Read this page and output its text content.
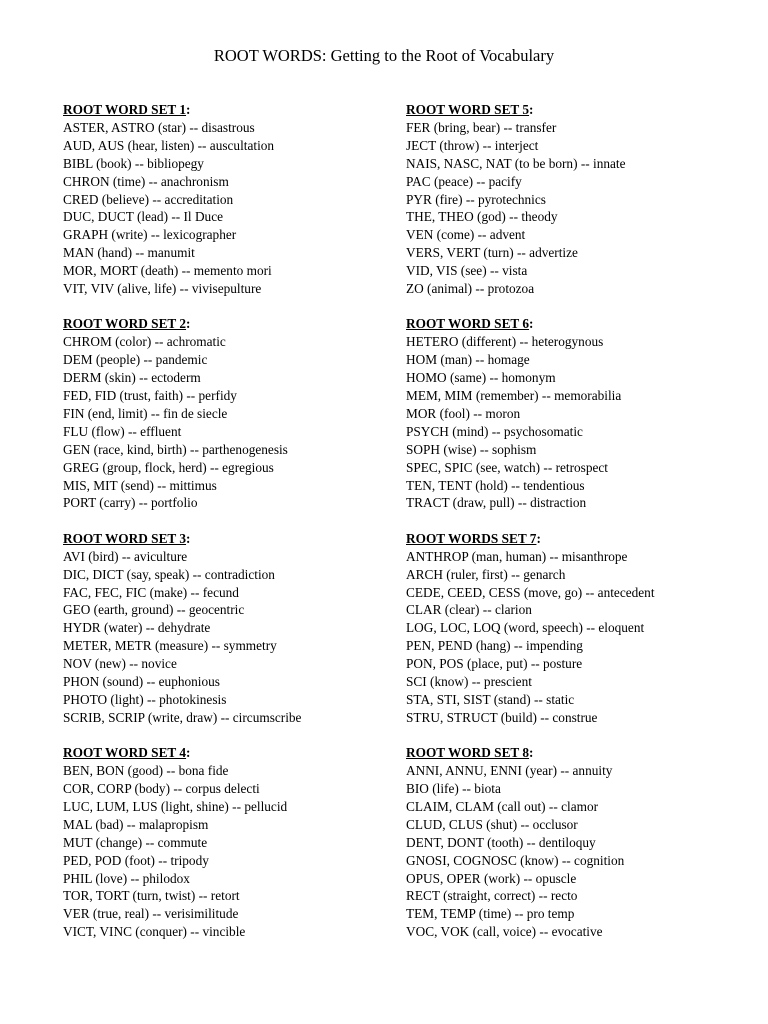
ROOT WORDS: Getting to the Root of Vocabulary
ROOT WORD SET 1:
ASTER, ASTRO (star) -- disastrous
AUD, AUS (hear, listen) -- auscultation
BIBL (book) -- bibliopegy
CHRON (time) -- anachronism
CRED (believe) -- accreditation
DUC, DUCT (lead) -- Il Duce
GRAPH (write) -- lexicographer
MAN (hand) -- manumit
MOR, MORT (death) -- memento mori
VIT, VIV (alive, life) -- vivisepulture
ROOT WORD SET 2:
CHROM (color) -- achromatic
DEM (people) -- pandemic
DERM (skin) -- ectoderm
FED, FID (trust, faith) -- perfidy
FIN (end, limit) -- fin de siecle
FLU (flow) -- effluent
GEN (race, kind, birth) -- parthenogenesis
GREG (group, flock, herd) -- egregious
MIS, MIT (send) -- mittimus
PORT (carry) -- portfolio
ROOT WORD SET 3:
AVI (bird) -- aviculture
DIC, DICT (say, speak) -- contradiction
FAC, FEC, FIC (make) -- fecund
GEO (earth, ground) -- geocentric
HYDR (water) -- dehydrate
METER, METR (measure) -- symmetry
NOV (new) -- novice
PHON (sound) -- euphonious
PHOTO (light) -- photokinesis
SCRIB, SCRIP (write, draw) -- circumscribe
ROOT WORD SET 4:
BEN, BON (good) -- bona fide
COR, CORP (body) -- corpus delecti
LUC, LUM, LUS (light, shine) -- pellucid
MAL (bad) -- malapropism
MUT (change) -- commute
PED, POD (foot) -- tripody
PHIL (love) -- philodox
TOR, TORT (turn, twist) -- retort
VER (true, real) -- verisimilitude
VICT, VINC (conquer) -- vincible
ROOT WORD SET 5:
FER (bring, bear) -- transfer
JECT (throw) -- interject
NAIS, NASC, NAT (to be born) -- innate
PAC (peace) -- pacify
PYR (fire) -- pyrotechnics
THE, THEO (god) -- theody
VEN (come) -- advent
VERS, VERT (turn) -- advertize
VID, VIS (see) -- vista
ZO (animal) -- protozoa
ROOT WORD SET 6:
HETERO (different) -- heterogynous
HOM (man) -- homage
HOMO (same) -- homonym
MEM, MIM (remember) -- memorabilia
MOR (fool) -- moron
PSYCH (mind) -- psychosomatic
SOPH (wise) -- sophism
SPEC, SPIC (see, watch) -- retrospect
TEN, TENT (hold) -- tendentious
TRACT (draw, pull) -- distraction
ROOT WORDS SET 7:
ANTHROP (man, human) -- misanthrope
ARCH (ruler, first) -- genarch
CEDE, CEED, CESS (move, go) -- antecedent
CLAR (clear) -- clarion
LOG, LOC, LOQ (word, speech) -- eloquent
PEN, PEND (hang) -- impending
PON, POS (place, put) -- posture
SCI (know) -- prescient
STA, STI, SIST (stand) -- static
STRU, STRUCT (build) -- construe
ROOT WORD SET 8:
ANNI, ANNU, ENNI (year) -- annuity
BIO (life) -- biota
CLAIM, CLAM (call out) -- clamor
CLUD, CLUS (shut) -- occlusor
DENT, DONT (tooth) -- dentiloquy
GNOSI, COGNOSC (know) -- cognition
OPUS, OPER (work) -- opuscle
RECT (straight, correct) -- recto
TEM, TEMP (time) -- pro temp
VOC, VOK (call, voice) -- evocative
